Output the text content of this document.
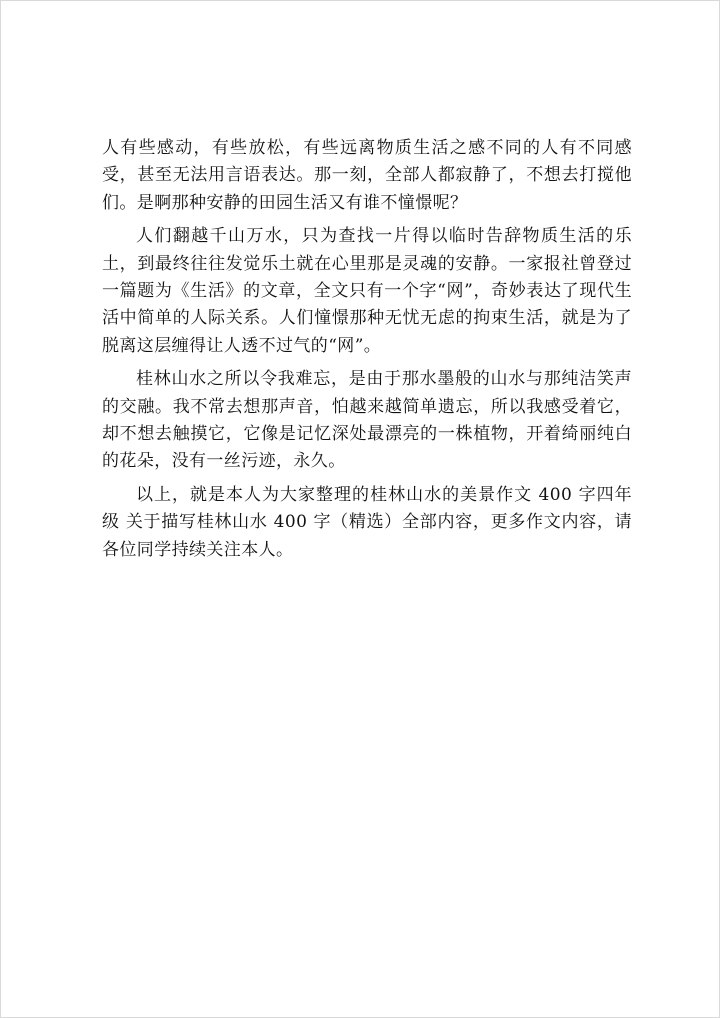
人有些感动，有些放松，有些远离物质生活之感不同的人有不同感受，甚至无法用言语表达。那一刻，全部人都寂静了，不想去打搅他们。是啊那种安静的田园生活又有谁不憧憬呢？

人们翻越千山万水，只为查找一片得以临时告辞物质生活的乐土，到最终往往发觉乐土就在心里那是灵魂的安静。一家报社曾登过一篇题为《生活》的文章，全文只有一个字“网”，奇妙表达了现代生活中简单的人际关系。人们憧憬那种无忧无虑的拘束生活，就是为了脱离这层缠得让人透不过气的“网”。

桂林山水之所以令我难忘，是由于那水墨般的山水与那纯洁笑声的交融。我不常去想那声音，怕越来越简单遗忘，所以我感受着它，却不想去触摸它，它像是记忆深处最漂亮的一株植物，开着绮丽纯白的花朵，没有一丝污迹，永久。

以上，就是本人为大家整理的桂林山水的美景作文 400 字四年级 关于描写桂林山水 400 字（精选）全部内容，更多作文内容，请各位同学持续关注本人。
